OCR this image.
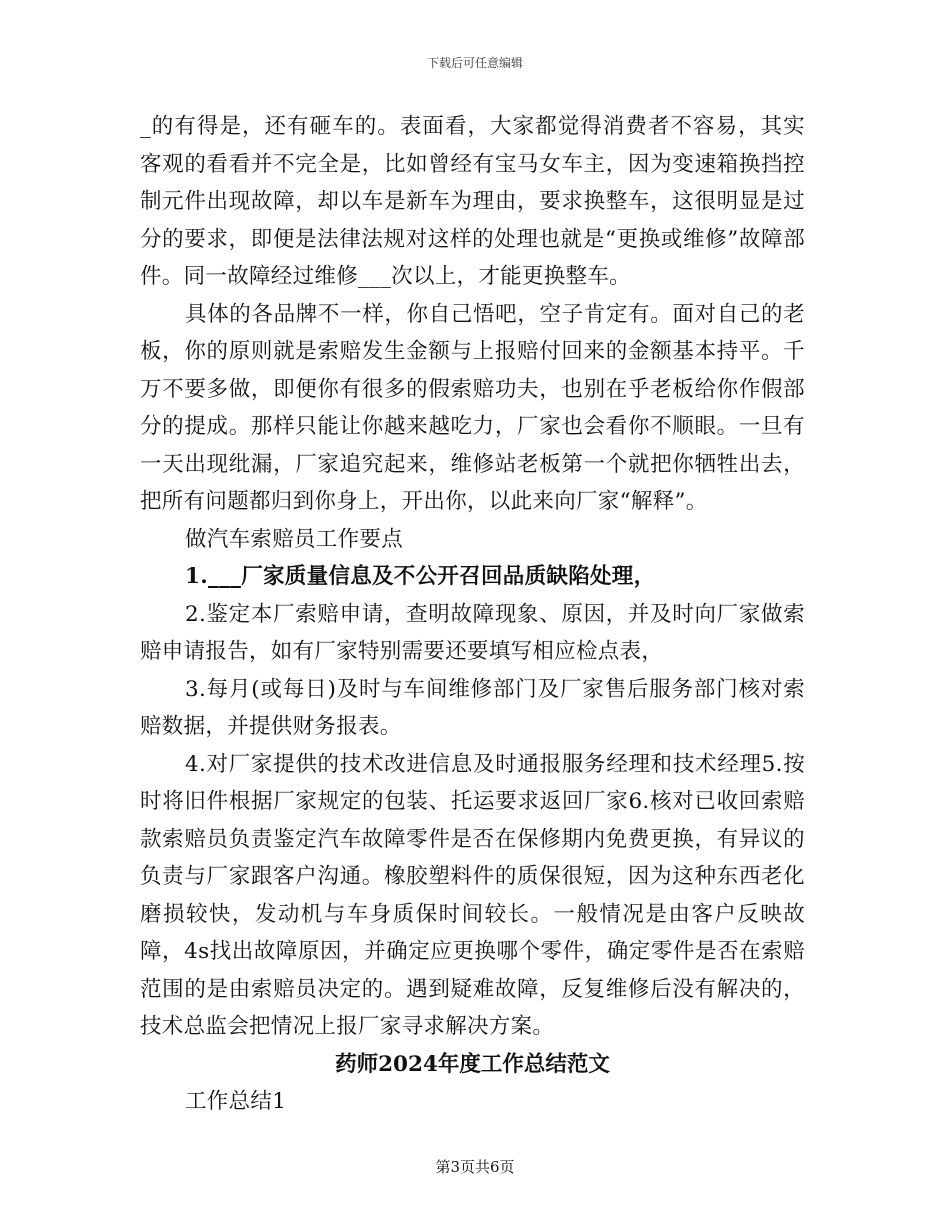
下载后可任意编辑

_的有得是，还有砸车的。表面看，大家都觉得消费者不容易，其实客观的看看并不完全是，比如曾经有宝马女车主，因为变速箱换挡控制元件出现故障，却以车是新车为理由，要求换整车，这很明显是过分的要求，即便是法律法规对这样的处理也就是“更换或维修”故障部件。同一故障经过维修___次以上，才能更换整车。

具体的各品牌不一样，你自己悟吧，空子肯定有。面对自己的老板，你的原则就是索赔发生金额与上报赔付回来的金额基本持平。千万不要多做，即便你有很多的假索赔功夫，也别在乎老板给你作假部分的提成。那样只能让你越来越吃力，厂家也会看你不顺眼。一旦有一天出现纰漏，厂家追究起来，维修站老板第一个就把你牺牲出去，把所有问题都归到你身上，开出你，以此来向厂家“解释”。

做汽车索赔员工作要点

1.___厂家质量信息及不公开召回品质缺陷处理，

2.鉴定本厂索赔申请，查明故障现象、原因，并及时向厂家做索赔申请报告，如有厂家特别需要还要填写相应检点表，

3.每月(或每日)及时与车间维修部门及厂家售后服务部门核对索赔数据，并提供财务报表。

4.对厂家提供的技术改进信息及时通报服务经理和技术经理5.按时将旧件根据厂家规定的包装、托运要求返回厂家6.核对已收回索赔款索赔员负责鉴定汽车故障零件是否在保修期内免费更换，有异议的负责与厂家跟客户沟通。橡胶塑料件的质保很短，因为这种东西老化磨损较快，发动机与车身质保时间较长。一般情况是由客户反映故障，4s找出故障原因，并确定应更换哪个零件，确定零件是否在索赔范围的是由索赔员决定的。遇到疑难故障，反复维修后没有解决的，技术总监会把情况上报厂家寻求解决方案。

药师2024年度工作总结范文

工作总结1

第3页共6页
